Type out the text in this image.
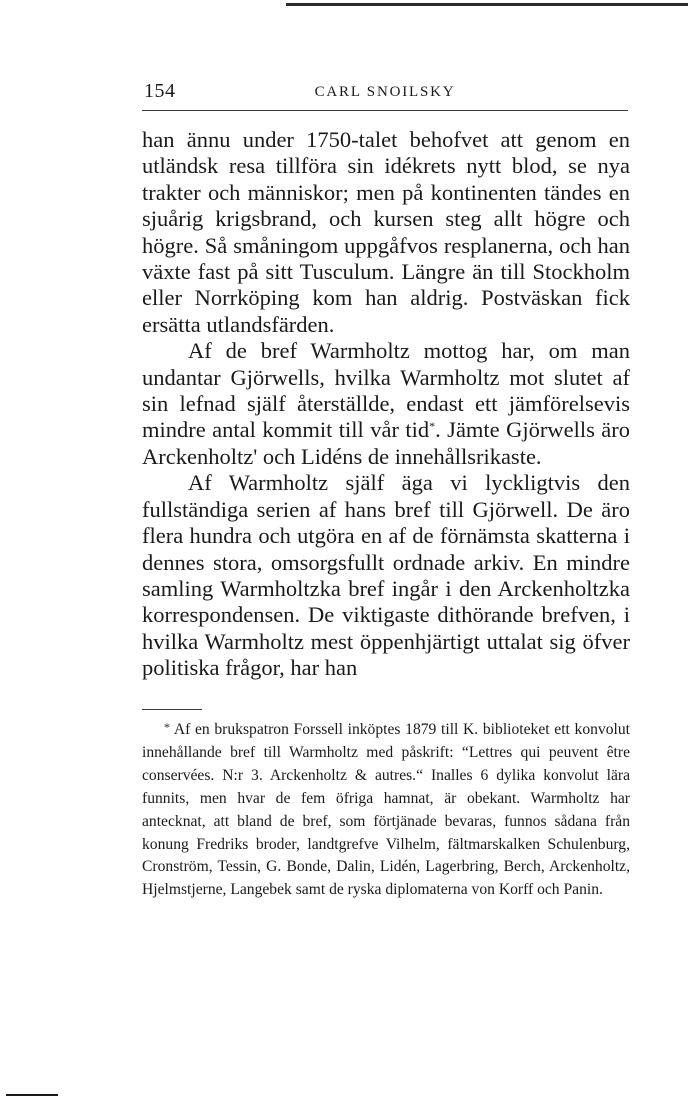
154	CARL SNOILSKY

han ännu under 1750-talet behofvet att genom en utländsk resa tillföra sin idékrets nytt blod, se nya trakter och människor; men på kontinenten tändes en sjuårig krigsbrand, och kursen steg allt högre och högre. Så småningom uppgåfvos resplanerna, och han växte fast på sitt Tusculum. Längre än till Stockholm eller Norrköping kom han aldrig. Postväskan fick ersätta utlandsfärden.

Af de bref Warmholtz mottog har, om man undantar Gjörwells, hvilka Warmholtz mot slutet af sin lefnad själf återställde, endast ett jämförelsevis mindre antal kommit till vår tid*. Jämte Gjörwells äro Arckenholtz' och Lidéns de innehållsrikaste.

Af Warmholtz själf äga vi lyckligtvis den fullständiga serien af hans bref till Gjörwell. De äro flera hundra och utgöra en af de förnämsta skatterna i dennes stora, omsorgsfullt ordnade arkiv. En mindre samling Warmholtzka bref ingår i den Arckenholtzka korrespondensen. De viktigaste dithörande brefven, i hvilka Warmholtz mest öppenhjärtigt uttalat sig öfver politiska frågor, har han

* Af en brukspatron Forssell inköptes 1879 till K. biblioteket ett konvolut innehållande bref till Warmholtz med påskrift: “Lettres qui peuvent être conservées. N:r 3. Arckenholtz & autres.“ Inalles 6 dylika konvolut lära funnits, men hvar de fem öfriga hamnat, är obekant. Warmholtz har antecknat, att bland de bref, som förtjänade bevaras, funnos sådana från konung Fredriks broder, landtgrefve Vilhelm, fältmarskalken Schulenburg, Cronström, Tessin, G. Bonde, Dalin, Lidén, Lagerbring, Berch, Arckenholtz, Hjelmstjerne, Langebek samt de ryska diplomaterna von Korff och Panin.
